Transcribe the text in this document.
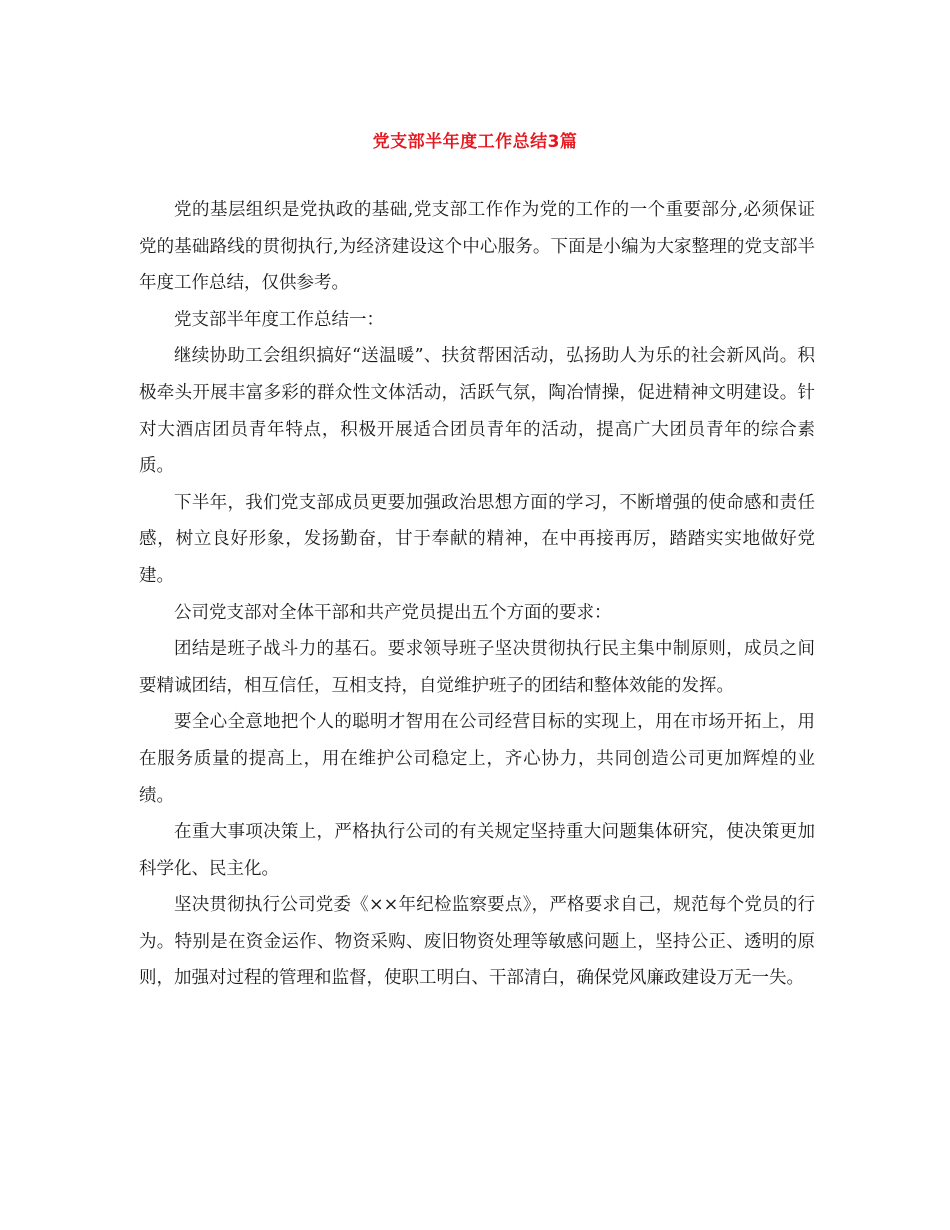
党支部半年度工作总结3篇

党的基层组织是党执政的基础,党支部工作作为党的工作的一个重要部分,必须保证党的基础路线的贯彻执行,为经济建设这个中心服务。下面是小编为大家整理的党支部半年度工作总结，仅供参考。

党支部半年度工作总结一：

继续协助工会组织搞好“送温暖”、扶贫帮困活动，弘扬助人为乐的社会新风尚。积极牵头开展丰富多彩的群众性文体活动，活跃气氛，陶冶情操，促进精神文明建设。针对大酒店团员青年特点，积极开展适合团员青年的活动，提高广大团员青年的综合素质。

下半年，我们党支部成员更要加强政治思想方面的学习，不断增强的使命感和责任感，树立良好形象，发扬勤奋，甘于奉献的精神，在中再接再厉，踏踏实实地做好党建。

公司党支部对全体干部和共产党员提出五个方面的要求：

团结是班子战斗力的基石。要求领导班子坚决贯彻执行民主集中制原则，成员之间要精诚团结，相互信任，互相支持，自觉维护班子的团结和整体效能的发挥。

要全心全意地把个人的聪明才智用在公司经营目标的实现上，用在市场开拓上，用在服务质量的提高上，用在维护公司稳定上，齐心协力，共同创造公司更加辉煌的业绩。

在重大事项决策上，严格执行公司的有关规定坚持重大问题集体研究，使决策更加科学化、民主化。

坚决贯彻执行公司党委《××年纪检监察要点》，严格要求自己，规范每个党员的行为。特别是在资金运作、物资采购、废旧物资处理等敏感问题上，坚持公正、透明的原则，加强对过程的管理和监督，使职工明白、干部清白，确保党风廉政建设万无一失。
